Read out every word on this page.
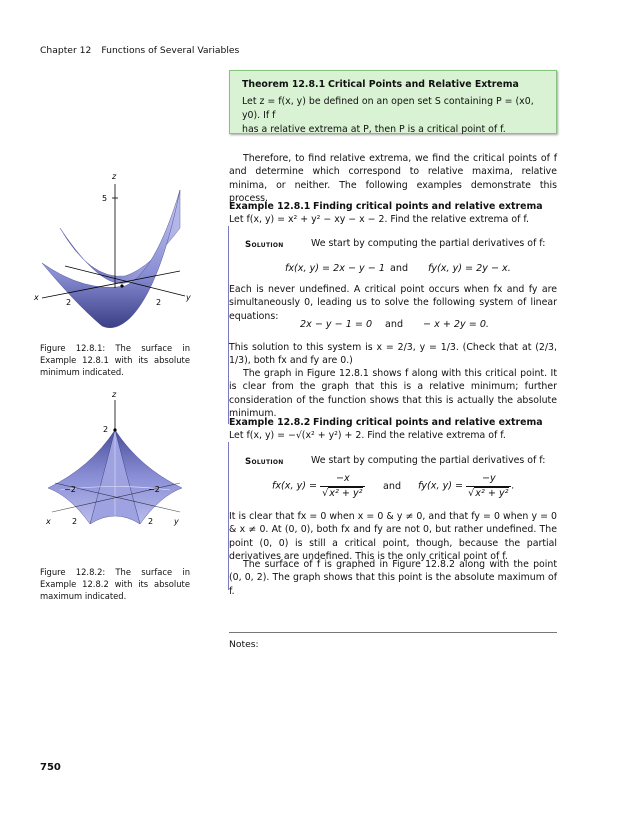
Chapter 12 Functions of Several Variables
Theorem 12.8.1 Critical Points and Relative Extrema
Let z = f(x, y) be defined on an open set S containing P = (x0, y0). If f
has a relative extrema at P, then P is a critical point of f.
Therefore, to find relative extrema, we find the critical points of f and determine which correspond to relative maxima, relative minima, or neither. The following examples demonstrate this process.
Example 12.8.1 Finding critical points and relative extrema
Let f(x, y) = x² + y² − xy − x − 2. Find the relative extrema of f.
Solution	We start by computing the partial derivatives of f:
fx(x, y) = 2x − y − 1 and fy(x, y) = 2y − x.
Each is never undefined. A critical point occurs when fx and fy are simultaneously 0, leading us to solve the following system of linear equations:
2x − y − 1 = 0 and − x + 2y = 0.
This solution to this system is x = 2/3, y = 1/3. (Check that at (2/3, 1/3), both fx and fy are 0.)
The graph in Figure 12.8.1 shows f along with this critical point. It is clear from the graph that this is a relative minimum; further consideration of the function shows that this is actually the absolute minimum.
Example 12.8.2 Finding critical points and relative extrema
Let f(x, y) = −√(x² + y²) + 2. Find the relative extrema of f.
Solution	We start by computing the partial derivatives of f:
fx(x, $y) = \frac{-x}{\text{√x² + y²}}$ and fy(x, $y) = \frac{-y}{\text{√x² + y²}}$ .
It is clear that fx = 0 when x = 0 & y ≠ 0, and that fy = 0 when y = 0 & x ≠ 0. At (0, 0), both fx and fy are not 0, but rather undefined. The point (0, 0) is still a critical point, though, because the partial derivatives are undefined. This is the only critical point of f.
The surface of f is graphed in Figure 12.8.2 along with the point (0, 0, 2). The graph shows that this point is the absolute maximum of f.
z
5
x
2	2
y
Figure 12.8.1: The surface in Example 12.8.1 with its absolute minimum indicated.
z
2
−2	−2
x	2	2	y
Figure 12.8.2: The surface in Example 12.8.2 with its absolute maximum indicated.
Notes:
750
